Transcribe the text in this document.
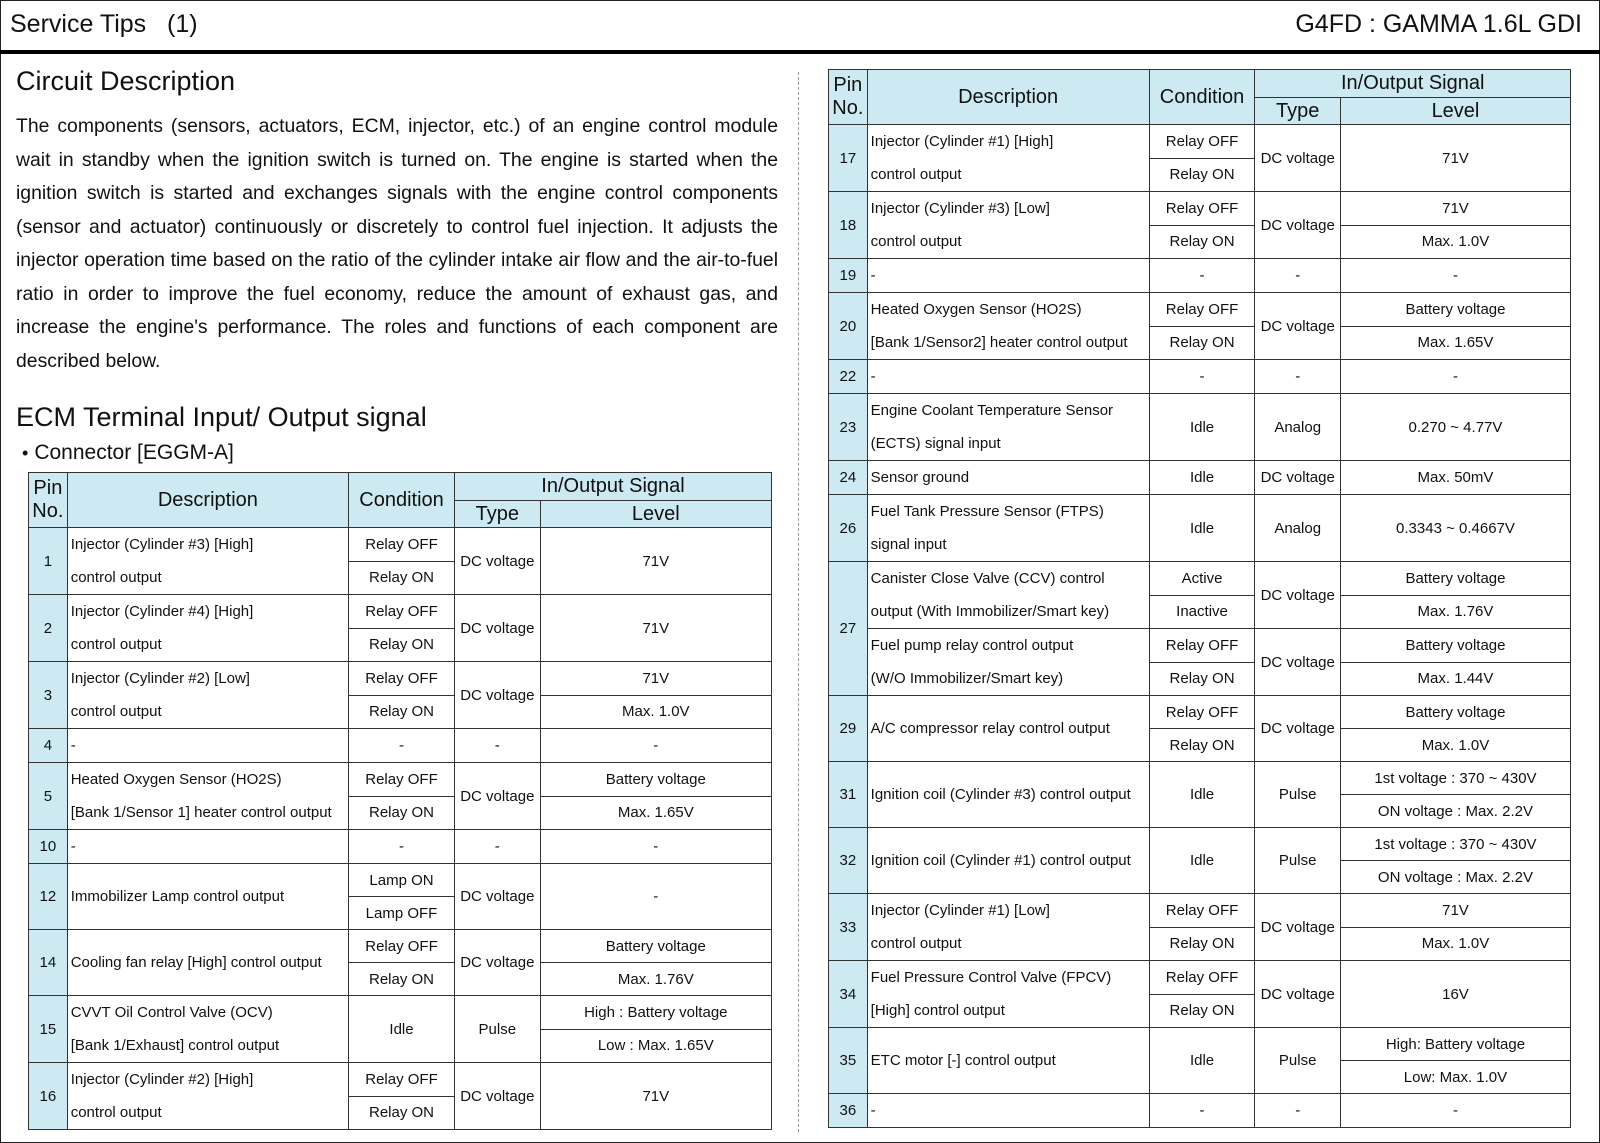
Service Tips   (1)	G4FD : GAMMA 1.6L GDI
Circuit Description
The components (sensors, actuators, ECM, injector, etc.) of an engine control module wait in standby when the ignition switch is turned on. The engine is started when the ignition switch is started and exchanges signals with the engine control components (sensor and actuator) continuously or discretely to control fuel injection. It adjusts the injector operation time based on the ratio of the cylinder intake air flow and the air-to-fuel ratio in order to improve the fuel economy, reduce the amount of exhaust gas, and increase the engine's performance. The roles and functions of each component are described below.
ECM Terminal Input/ Output signal
• Connector [EGGM-A]
Pin
No.	Description	Condition	In/Output Signal	
			Type	Level
1	Injector (Cylinder #3) [High]
control output	Relay OFF	DC voltage	71V
		Relay ON		
2	Injector (Cylinder #4) [High]
control output	Relay OFF	DC voltage	71V
		Relay ON		
3	Injector (Cylinder #2) [Low]
control output	Relay OFF	DC voltage	71V
		Relay ON		Max. 1.0V
4	-	-	-	-
5	Heated Oxygen Sensor (HO2S)
[Bank 1/Sensor 1] heater control output	Relay OFF	DC voltage	Battery voltage
		Relay ON		Max. 1.65V
10	-	-	-	-
12	Immobilizer Lamp control output	Lamp ON	DC voltage	-
		Lamp OFF		
14	Cooling fan relay [High] control output	Relay OFF	DC voltage	Battery voltage
		Relay ON		Max. 1.76V
15	CVVT Oil Control Valve (OCV)
[Bank 1/Exhaust] control output	Idle	Pulse	High : Battery voltage
				Low : Max. 1.65V
16	Injector (Cylinder #2) [High]
control output	Relay OFF	DC voltage	71V
		Relay ON		
Pin
No.	Description	Condition	In/Output Signal	
			Type	Level
17	Injector (Cylinder #1) [High]
control output	Relay OFF	DC voltage	71V
		Relay ON		
18	Injector (Cylinder #3) [Low]
control output	Relay OFF	DC voltage	71V
		Relay ON		Max. 1.0V
19	-	-	-	-
20	Heated Oxygen Sensor (HO2S)
[Bank 1/Sensor2] heater control output	Relay OFF	DC voltage	Battery voltage
		Relay ON		Max. 1.65V
22	-	-	-	-
23	Engine Coolant Temperature Sensor
(ECTS) signal input	Idle	Analog	0.270 ~ 4.77V
24	Sensor ground	Idle	DC voltage	Max. 50mV
26	Fuel Tank Pressure Sensor (FTPS)
signal input	Idle	Analog	0.3343 ~ 0.4667V
27	Canister Close Valve (CCV) control
output (With Immobilizer/Smart key)	Active	DC voltage	Battery voltage
		Inactive		Max. 1.76V

	Fuel pump relay control output
(W/O Immobilizer/Smart key)	Relay OFF	DC voltage	Battery voltage
		Relay ON		Max. 1.44V
29	A/C compressor relay control output	Relay OFF	DC voltage	Battery voltage
		Relay ON		Max. 1.0V
31	Ignition coil (Cylinder #3) control output	Idle	Pulse	1st voltage : 370 ~ 430V
				ON voltage : Max. 2.2V
32	Ignition coil (Cylinder #1) control output	Idle	Pulse	1st voltage : 370 ~ 430V
				ON voltage : Max. 2.2V
33	Injector (Cylinder #1) [Low]
control output	Relay OFF	DC voltage	71V
		Relay ON		Max. 1.0V
34	Fuel Pressure Control Valve (FPCV)
[High] control output	Relay OFF	DC voltage	16V
		Relay ON		
35	ETC motor [-] control output	Idle	Pulse	High: Battery voltage
				Low: Max. 1.0V
36	-	-	-	-
